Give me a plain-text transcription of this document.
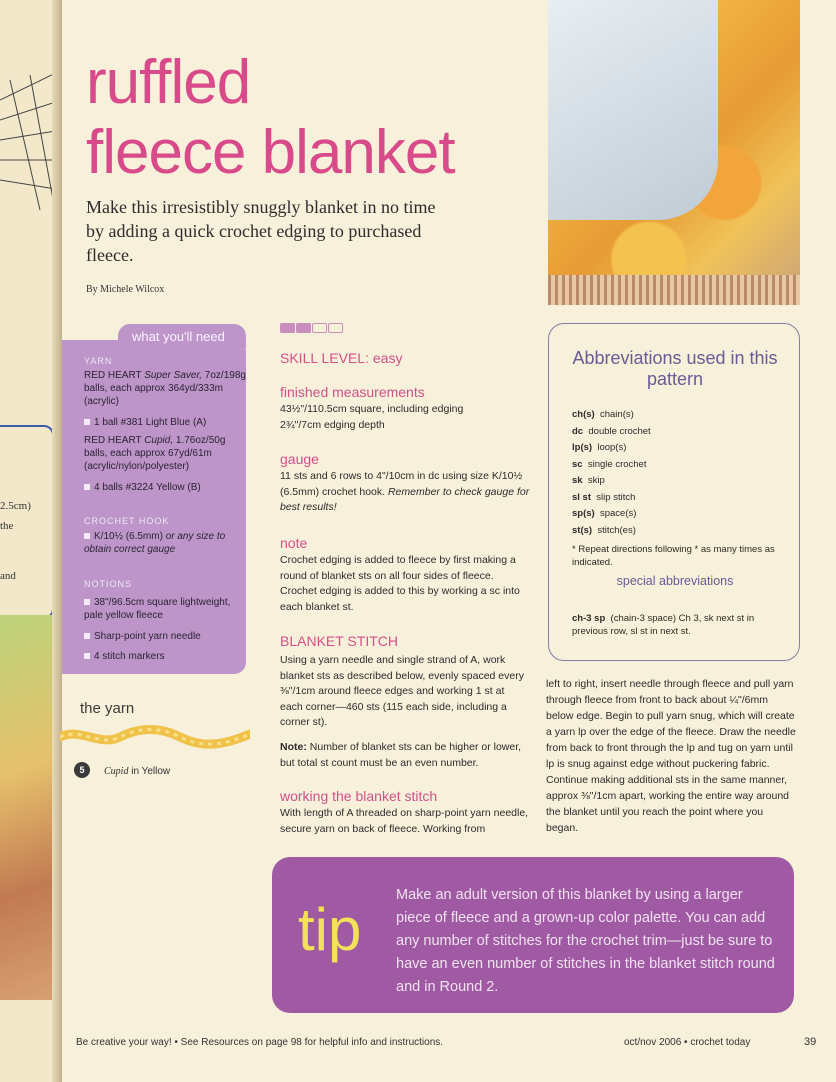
2.5cm)
the
and
ruffled
fleece blanket
Make this irresistibly snuggly blanket in no time by adding a quick crochet edging to purchased fleece.
By Michele Wilcox
what you'll need
YARN
RED HEART Super Saver, 7oz/198g balls, each approx 364yd/333m (acrylic)
1 ball #381 Light Blue (A)
RED HEART Cupid, 1.76oz/50g balls, each approx 67yd/61m (acrylic/nylon/polyester)
4 balls #3224 Yellow (B)
CROCHET HOOK
K/10½ (6.5mm) or any size to obtain correct gauge
NOTIONS
38"/96.5cm square lightweight, pale yellow fleece
Sharp-point yarn needle
4 stitch markers
the yarn
5	Cupid in Yellow
SKILL LEVEL: easy
finished measurements
43½"/110.5cm square, including edging
2¾"/7cm edging depth
gauge
11 sts and 6 rows to 4"/10cm in dc using size K/10½ (6.5mm) crochet hook. Remember to check gauge for best results!
note
Crochet edging is added to fleece by first making a round of blanket sts on all four sides of fleece. Crochet edging is added to this by working a sc into each blanket st.
BLANKET STITCH
Using a yarn needle and single strand of A, work blanket sts as described below, evenly spaced every ⅜"/1cm around fleece edges and working 1 st at each corner—460 sts (115 each side, including a corner st).
Note: Number of blanket sts can be higher or lower, but total st count must be an even number.
working the blanket stitch
With length of A threaded on sharp-point yarn needle, secure yarn on back of fleece. Working from
Abbreviations used in this pattern
ch(s) chain(s)
dc double crochet
lp(s) loop(s)
sc single crochet
sk skip
sl st slip stitch
sp(s) space(s)
st(s) stitch(es)
* Repeat directions following * as many times as indicated.
special abbreviations
ch-3 sp (chain-3 space) Ch 3, sk next st in previous row, sl st in next st.
left to right, insert needle through fleece and pull yarn through fleece from front to back about ¼"/6mm below edge. Begin to pull yarn snug, which will create a yarn lp over the edge of the fleece. Draw the needle from back to front through the lp and tug on yarn until lp is snug against edge without puckering fabric. Continue making additional sts in the same manner, approx ⅜"/1cm apart, working the entire way around the blanket until you reach the point where you began.
tip
Make an adult version of this blanket by using a larger piece of fleece and a grown-up color palette. You can add any number of stitches for the crochet trim—just be sure to have an even number of stitches in the blanket stitch round and in Round 2.
Be creative your way! • See Resources on page 98 for helpful info and instructions.	oct/nov 2006 • crochet today	39
